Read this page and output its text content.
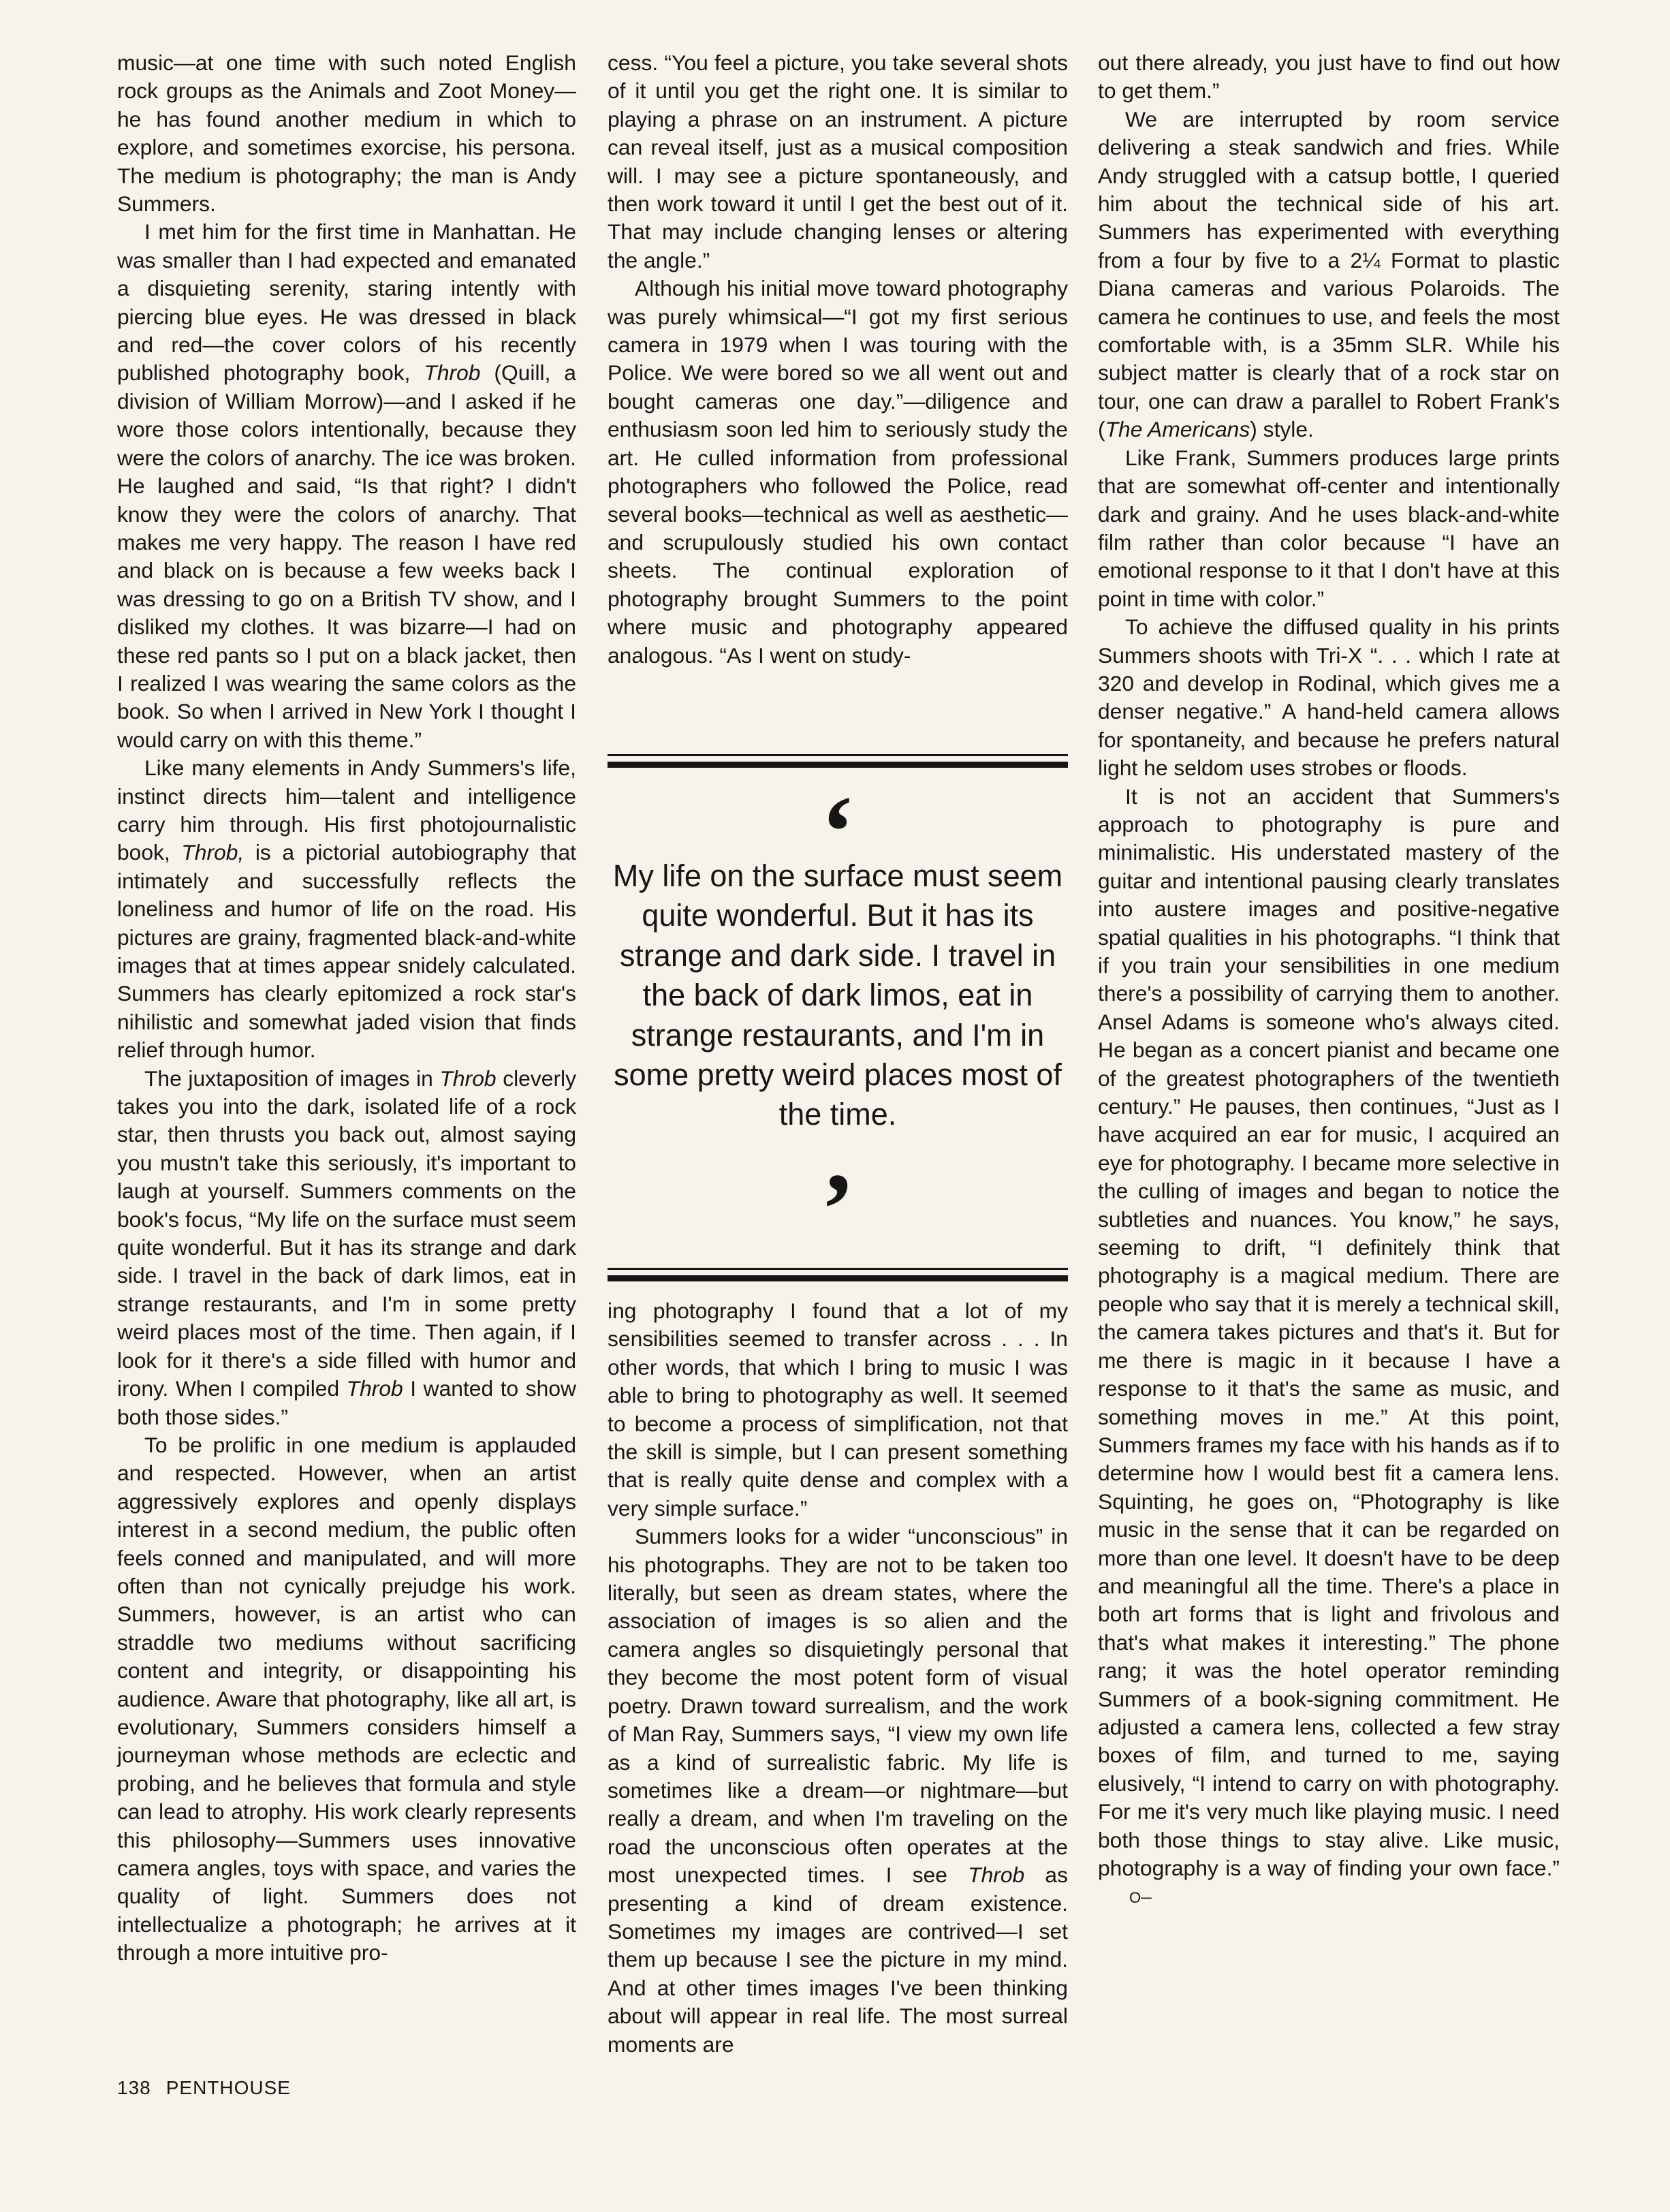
music—at one time with such noted English rock groups as the Animals and Zoot Money—he has found another medium in which to explore, and sometimes exorcise, his persona. The medium is photography; the man is Andy Summers.

I met him for the first time in Manhattan. He was smaller than I had expected and emanated a disquieting serenity, staring intently with piercing blue eyes. He was dressed in black and red—the cover colors of his recently published photography book, Throb (Quill, a division of William Morrow)—and I asked if he wore those colors intentionally, because they were the colors of anarchy. The ice was broken. He laughed and said, “Is that right? I didn't know they were the colors of anarchy. That makes me very happy. The reason I have red and black on is because a few weeks back I was dressing to go on a British TV show, and I disliked my clothes. It was bizarre—I had on these red pants so I put on a black jacket, then I realized I was wearing the same colors as the book. So when I arrived in New York I thought I would carry on with this theme.”

Like many elements in Andy Summers's life, instinct directs him—talent and intelligence carry him through. His first photojournalistic book, Throb, is a pictorial autobiography that intimately and successfully reflects the loneliness and humor of life on the road. His pictures are grainy, fragmented black-and-white images that at times appear snidely calculated. Summers has clearly epitomized a rock star's nihilistic and somewhat jaded vision that finds relief through humor.

The juxtaposition of images in Throb cleverly takes you into the dark, isolated life of a rock star, then thrusts you back out, almost saying you mustn't take this seriously, it's important to laugh at yourself. Summers comments on the book's focus, “My life on the surface must seem quite wonderful. But it has its strange and dark side. I travel in the back of dark limos, eat in strange restaurants, and I'm in some pretty weird places most of the time. Then again, if I look for it there's a side filled with humor and irony. When I compiled Throb I wanted to show both those sides.”

To be prolific in one medium is applauded and respected. However, when an artist aggressively explores and openly displays interest in a second medium, the public often feels conned and manipulated, and will more often than not cynically prejudge his work. Summers, however, is an artist who can straddle two mediums without sacrificing content and integrity, or disappointing his audience. Aware that photography, like all art, is evolutionary, Summers considers himself a journeyman whose methods are eclectic and probing, and he believes that formula and style can lead to atrophy. His work clearly represents this philosophy—Summers uses innovative camera angles, toys with space, and varies the quality of light. Summers does not intellectualize a photograph; he arrives at it through a more intuitive pro-

cess. “You feel a picture, you take several shots of it until you get the right one. It is similar to playing a phrase on an instrument. A picture can reveal itself, just as a musical composition will. I may see a picture spontaneously, and then work toward it until I get the best out of it. That may include changing lenses or altering the angle.”

Although his initial move toward photography was purely whimsical—“I got my first serious camera in 1979 when I was touring with the Police. We were bored so we all went out and bought cameras one day.”—diligence and enthusiasm soon led him to seriously study the art. He culled information from professional photographers who followed the Police, read several books—technical as well as aesthetic—and scrupulously studied his own contact sheets. The continual exploration of photography brought Summers to the point where music and photography appeared analogous. “As I went on study-

‘
My life on the surface must seem quite wonderful. But it has its strange and dark side. I travel in the back of dark limos, eat in strange restaurants, and I'm in some pretty weird places most of the time.
’

ing photography I found that a lot of my sensibilities seemed to transfer across . . . In other words, that which I bring to music I was able to bring to photography as well. It seemed to become a process of simplification, not that the skill is simple, but I can present something that is really quite dense and complex with a very simple surface.”

Summers looks for a wider “unconscious” in his photographs. They are not to be taken too literally, but seen as dream states, where the association of images is so alien and the camera angles so disquietingly personal that they become the most potent form of visual poetry. Drawn toward surrealism, and the work of Man Ray, Summers says, “I view my own life as a kind of surrealistic fabric. My life is sometimes like a dream—or nightmare—but really a dream, and when I'm traveling on the road the unconscious often operates at the most unexpected times. I see Throb as presenting a kind of dream existence. Sometimes my images are contrived—I set them up because I see the picture in my mind. And at other times images I've been thinking about will appear in real life. The most surreal moments are

out there already, you just have to find out how to get them.”

We are interrupted by room service delivering a steak sandwich and fries. While Andy struggled with a catsup bottle, I queried him about the technical side of his art. Summers has experimented with everything from a four by five to a 2¼ Format to plastic Diana cameras and various Polaroids. The camera he continues to use, and feels the most comfortable with, is a 35mm SLR. While his subject matter is clearly that of a rock star on tour, one can draw a parallel to Robert Frank's (The Americans) style.

Like Frank, Summers produces large prints that are somewhat off-center and intentionally dark and grainy. And he uses black-and-white film rather than color because “I have an emotional response to it that I don't have at this point in time with color.”

To achieve the diffused quality in his prints Summers shoots with Tri-X “. . . which I rate at 320 and develop in Rodinal, which gives me a denser negative.” A hand-held camera allows for spontaneity, and because he prefers natural light he seldom uses strobes or floods.

It is not an accident that Summers's approach to photography is pure and minimalistic. His understated mastery of the guitar and intentional pausing clearly translates into austere images and positive-negative spatial qualities in his photographs. “I think that if you train your sensibilities in one medium there's a possibility of carrying them to another. Ansel Adams is someone who's always cited. He began as a concert pianist and became one of the greatest photographers of the twentieth century.” He pauses, then continues, “Just as I have acquired an ear for music, I acquired an eye for photography. I became more selective in the culling of images and began to notice the subtleties and nuances. You know,” he says, seeming to drift, “I definitely think that photography is a magical medium. There are people who say that it is merely a technical skill, the camera takes pictures and that's it. But for me there is magic in it because I have a response to it that's the same as music, and something moves in me.” At this point, Summers frames my face with his hands as if to determine how I would best fit a camera lens. Squinting, he goes on, “Photography is like music in the sense that it can be regarded on more than one level. It doesn't have to be deep and meaningful all the time. There's a place in both art forms that is light and frivolous and that's what makes it interesting.” The phone rang; it was the hotel operator reminding Summers of a book-signing commitment. He adjusted a camera lens, collected a few stray boxes of film, and turned to me, saying elusively, “I intend to carry on with photography. For me it's very much like playing music. I need both those things to stay alive. Like music, photography is a way of finding your own face.”O─

138 PENTHOUSE
